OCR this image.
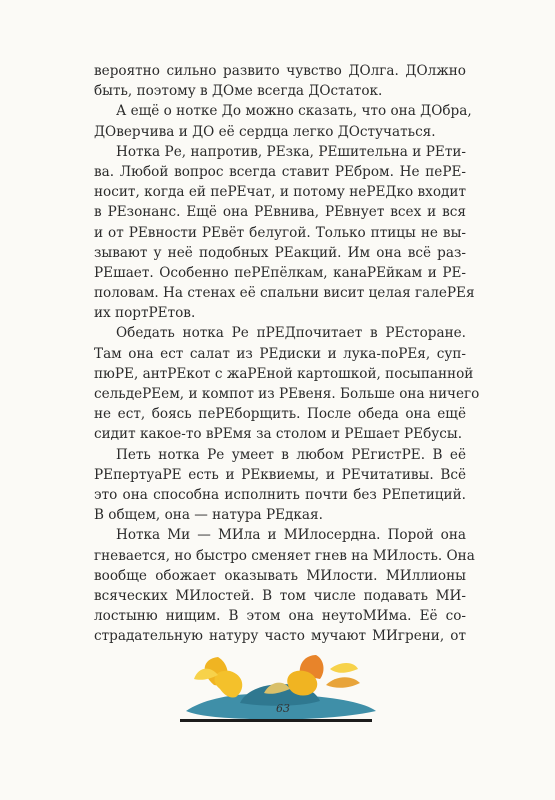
вероятно сильно развито чувство ДОлга. ДОлжно
быть, поэтому в ДОме всегда ДОстаток.
А ещё о нотке До можно сказать, что она ДОбра,
ДОверчива и ДО её сердца легко ДОстучаться.
Нотка Ре, напротив, РЕзка, РЕшительна и РЕти-
ва. Любой вопрос всегда ставит РЕбром. Не пеРЕ-
носит, когда ей пеРЕчат, и потому неРЕДко входит
в РЕзонанс. Ещё она РЕвнива, РЕвнует всех и вся
и от РЕвности РЕвёт белугой. Только птицы не вы-
зывают у неё подобных РЕакций. Им она всё раз-
РЕшает. Особенно пеРЕпёлкам, канаРЕйкам и РЕ-
половам. На стенах её спальни висит целая галеРЕя
их портРЕтов.
Обедать нотка Ре пРЕДпочитает в РЕсторане.
Там она ест салат из РЕдиски и лука-поРЕя, суп-
пюРЕ, антРЕкот с жаРЕной картошкой, посыпанной
сельдеРЕем, и компот из РЕвеня. Больше она ничего
не ест, боясь пеРЕборщить. После обеда она ещё
сидит какое-то вРЕмя за столом и РЕшает РЕбусы.
Петь нотка Ре умеет в любом РЕгистРЕ. В её
РЕпертуаРЕ есть и РЕквиемы, и РЕчитативы. Всё
это она способна исполнить почти без РЕпетиций.
В общем, она — натура РЕдкая.
Нотка Ми — МИла и МИлосердна. Порой она
гневается, но быстро сменяет гнев на МИлость. Она
вообще обожает оказывать МИлости. МИллионы
всяческих МИлостей. В том числе подавать МИ-
лостыню нищим. В этом она неутоМИма. Её со-
страдательную натуру часто мучают МИгрени, от
63
